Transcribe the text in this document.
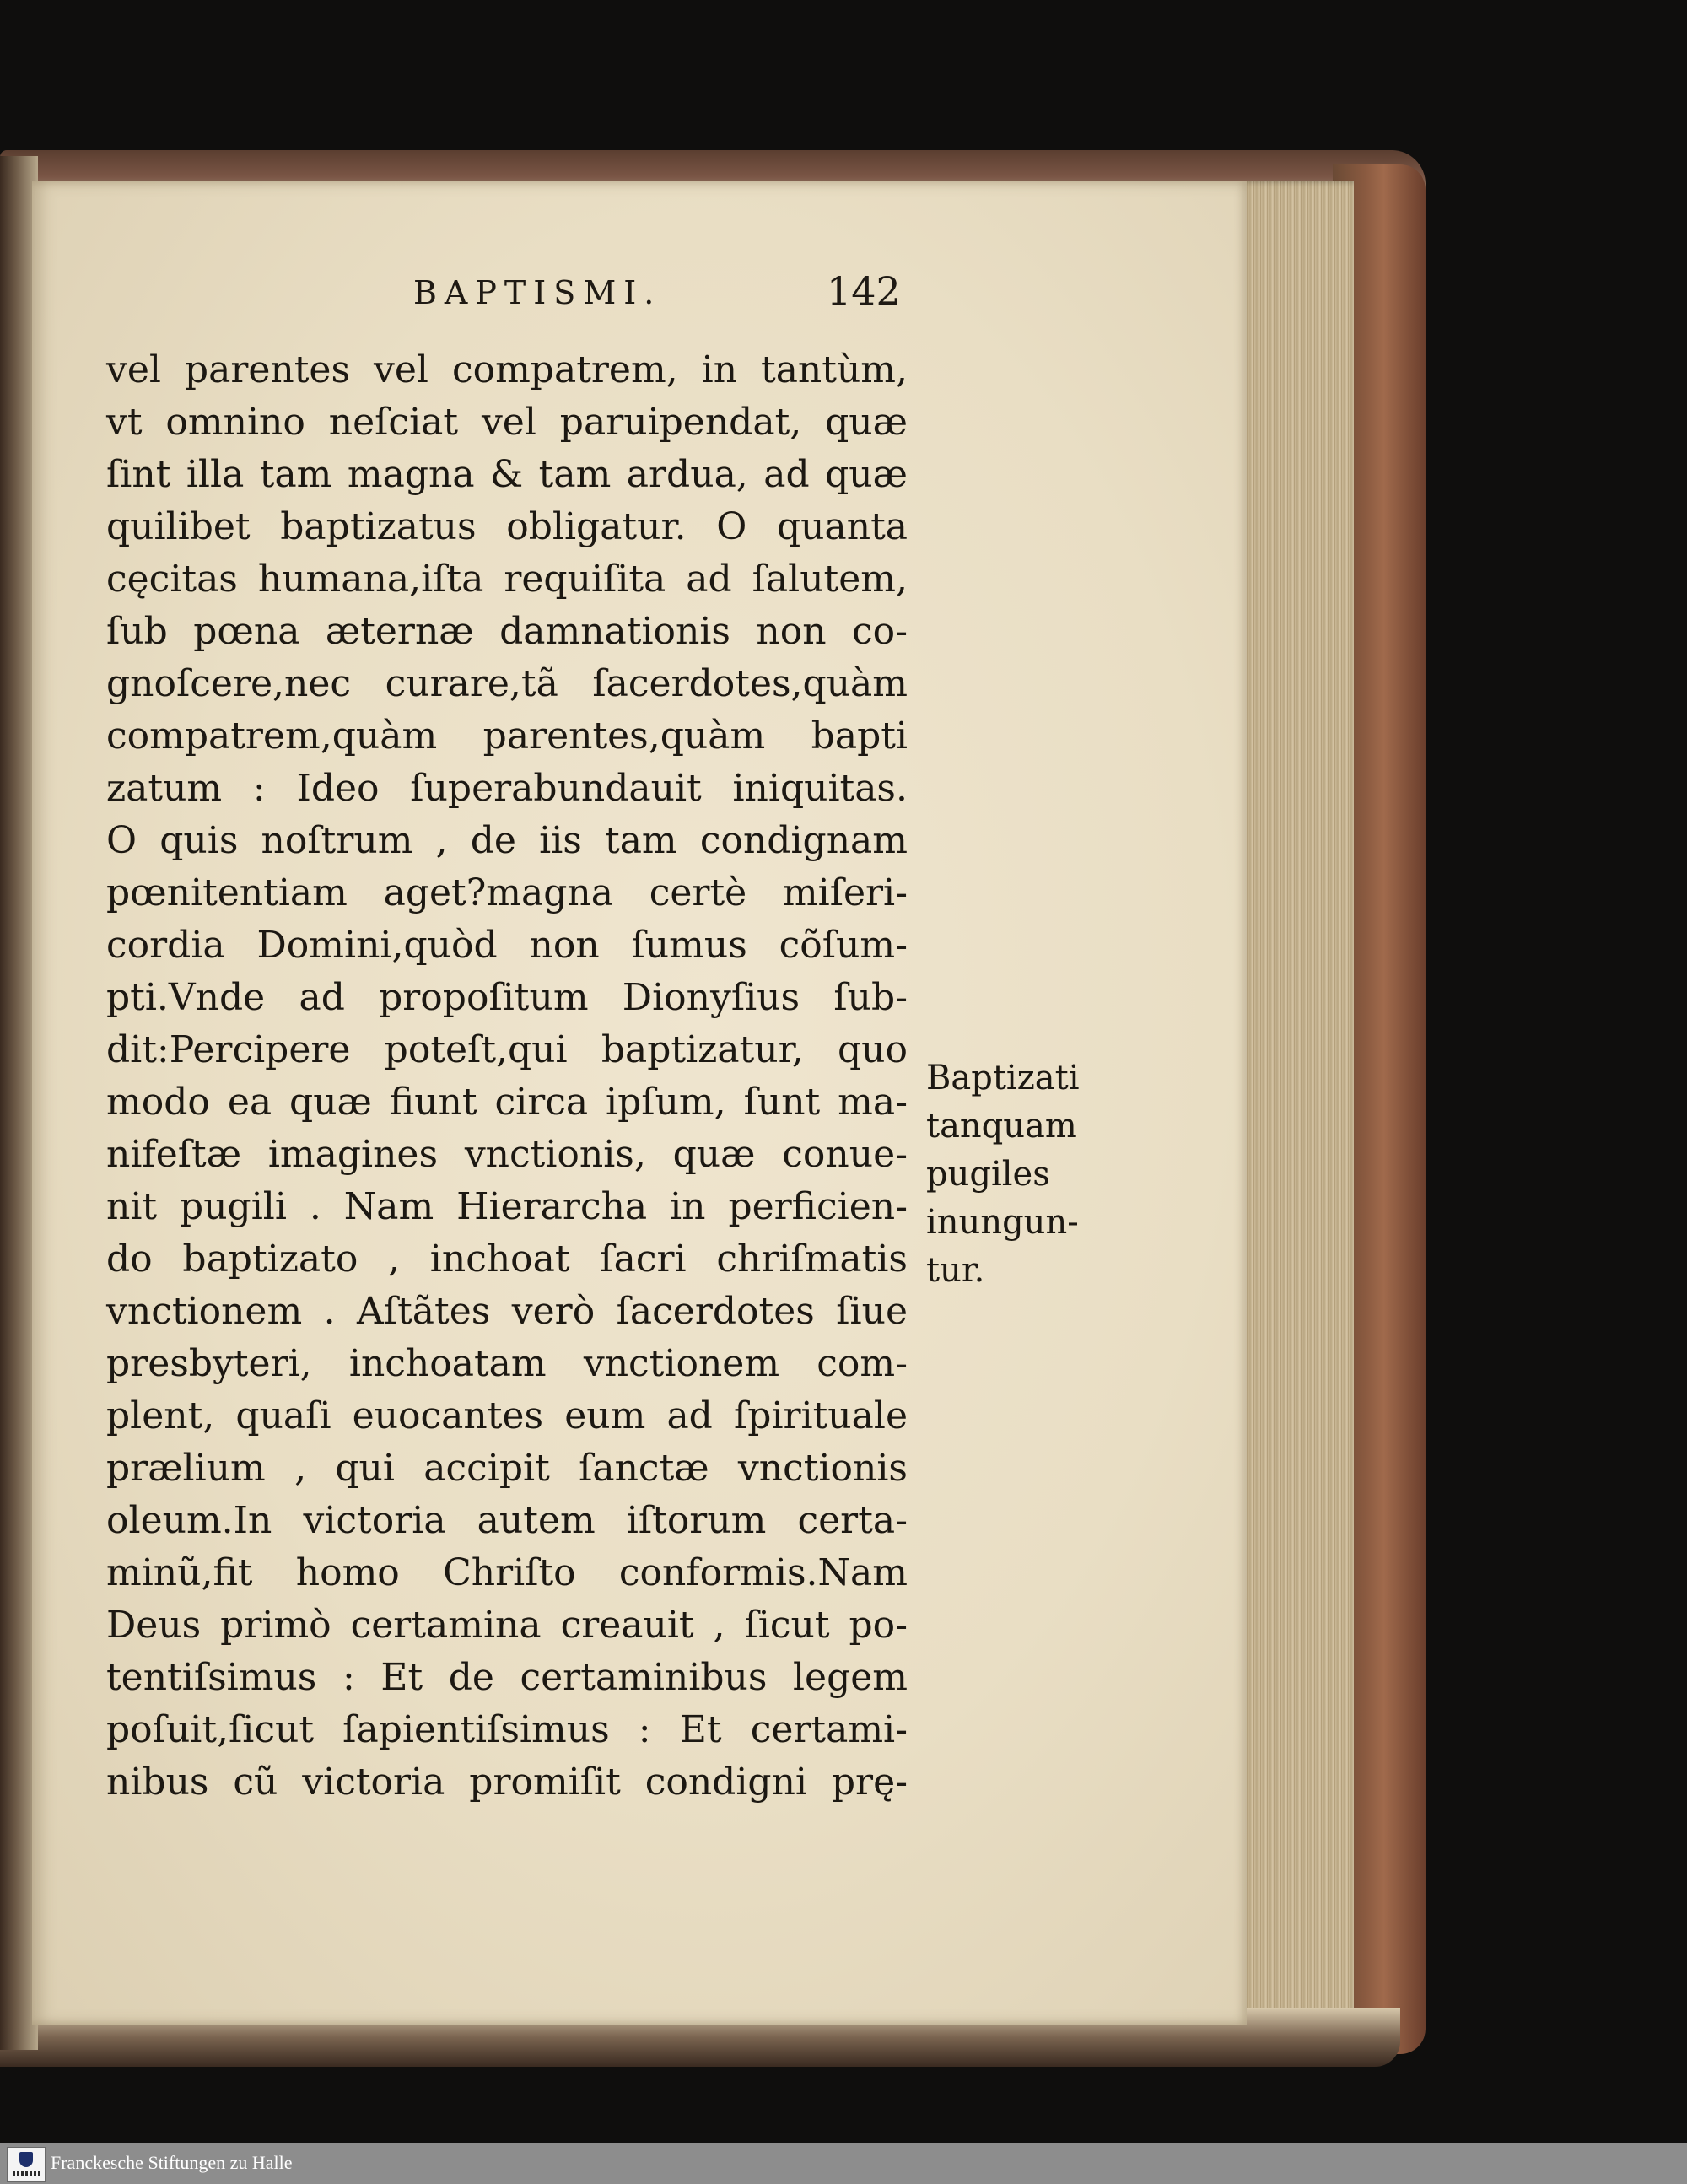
BAPTISMI.	142
vel parentes vel compatrem, in tantùm,
vt omnino neſciat vel paruipendat, quæ
ſint illa tam magna & tam ardua, ad quæ
quilibet baptizatus obligatur. O quanta
cęcitas humana,iſta requiſita ad ſalutem,
ſub pœna æternæ damnationis non co-
gnoſcere,nec curare,tã ſacerdotes,quàm
compatrem,quàm parentes,quàm bapti
zatum : Ideo ſuperabundauit iniquitas.
O quis noſtrum , de iis tam condignam
pœnitentiam aget?magna certè miſeri-
cordia Domini,quòd non ſumus cõſum-
pti.Vnde ad propoſitum Dionyſius ſub-
dit:Percipere poteſt,qui baptizatur, quo
modo ea quæ fiunt circa ipſum, ſunt ma-
nifeſtæ imagines vnctionis, quæ conue-
nit pugili . Nam Hierarcha in perficien-
do baptizato , inchoat ſacri chriſmatis
vnctionem . Aſtãtes verò ſacerdotes ſiue
presbyteri, inchoatam vnctionem com-
plent, quaſi euocantes eum ad ſpirituale
prælium , qui accipit ſanctæ vnctionis
oleum.In victoria autem iſtorum certa-
minũ,fit homo Chriſto conformis.Nam
Deus primò certamina creauit , ſicut po-
tentiſsimus : Et de certaminibus legem
poſuit,ſicut ſapientiſsimus : Et certami-
nibus cũ victoria promiſit condigni prę-
Baptizati
tanquam
pugiles
inungun-
tur.
Franckesche Stiftungen zu Halle
